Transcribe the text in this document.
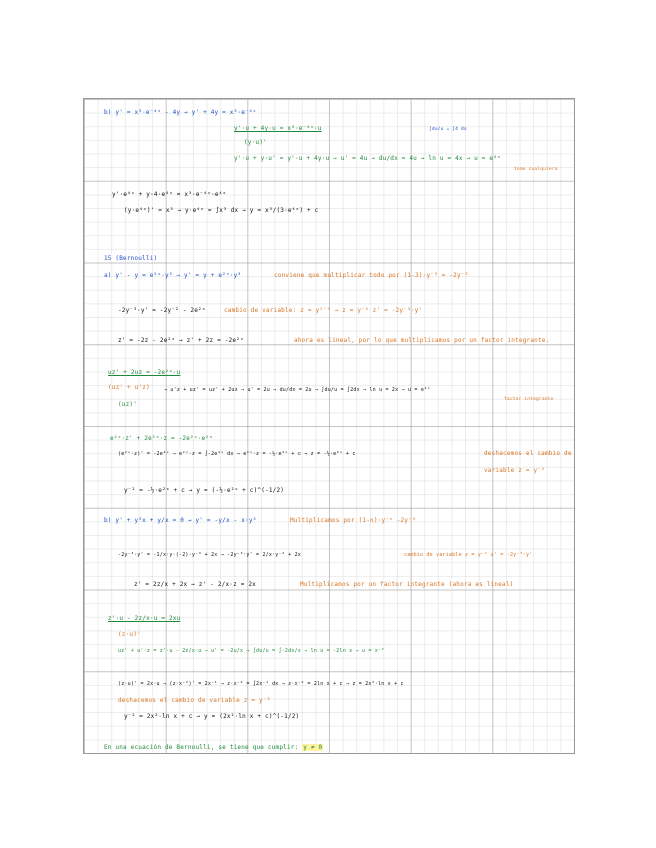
b) y' = x³·e⁻⁴ˣ - 4y → y' + 4y = x³·e⁻⁴ˣ
y'·u + 4y·u = x³·e⁻⁴ˣ·u
(y·u)'
∫du/u = ∫4 dx
y'·u + y·u' = y'·u + 4y·u → u' = 4u → du/dx = 4u → ln u = 4x → u = e⁴ˣ
tomo cualquiera
y'·e⁴ˣ + y·4·e⁴ˣ = x³·e⁻⁴ˣ·e⁴ˣ
(y·e⁴ˣ)' = x³ → y·e⁴ˣ = ∫x³ dx → y = x³/(3·e⁴ˣ) + c
15 (Bernoulli)
a) y' - y = e²ˣ·y³ → y' = y + e²ˣ·y³	conviene que multiplicar todo por (1-3)·y⁻³ = -2y⁻³
-2y⁻³·y' = -2y⁻² - 2e²ˣ	cambio de variable: z = y¹⁻³ → z = y⁻² z' = -2y⁻³·y'
z' = -2z - 2e²ˣ → z' + 2z = -2e²ˣ	ahora es lineal, por lo que multiplicamos por un factor integrante.
uz' + 2uz = -2e²ˣ·u
(uz' + u'z)
(uz)'
→ u'z + uz' = uz' + 2uz → u' = 2u → du/dx = 2u → ∫du/u = ∫2dx → ln u = 2x → u = e²ˣ
factor integrante
e²ˣ·z' + 2e²ˣ·z = -2e²ˣ·e²ˣ
(e²ˣ·z)' = -2e⁴ˣ → e²ˣ·z = ∫-2e⁴ˣ dx → e²ˣ·z = -½·e⁴ˣ + c → z = -½·e²ˣ + c	deshacemos el cambio de
variable z = y⁻²
y⁻² = -½·e²ˣ + c → y = (-½·e²ˣ + c)^(-1/2)
b) y' + y³x + y/x = 0 → y' = -y/x - x·y³	Multiplicamos por (1-n)·y⁻ⁿ -2y⁻³
-2y⁻³·y' = -1/x·y·(-2)·y⁻³ + 2x → -2y⁻³·y' = 2/x·y⁻² + 2x	cambio de variable z = y⁻² z' = -2y⁻³·y'
z' = 2z/x + 2x → z' - 2/x·z = 2x	Multiplicamos por un factor integrante (ahora es lineal)
z'·u - 2z/x·u = 2xu
(z·u)'
uz' + u'·z = z'·u - 2z/x·u → u' = -2u/x → ∫du/u = ∫-2dx/x → ln u = -2ln x → u = x⁻²
(z·u)' = 2x·u → (z·x⁻²)' = 2x⁻¹ → z·x⁻² = ∫2x⁻¹ dx → z·x⁻² = 2ln x + c → z = 2x²·ln x + c
deshacemos el cambio de variable z = y⁻²
y⁻² = 2x²·ln x + c → y = (2x²·ln x + c)^(-1/2)
En una ecuación de Bernoulli, se tiene que cumplir: y ≠ 0
